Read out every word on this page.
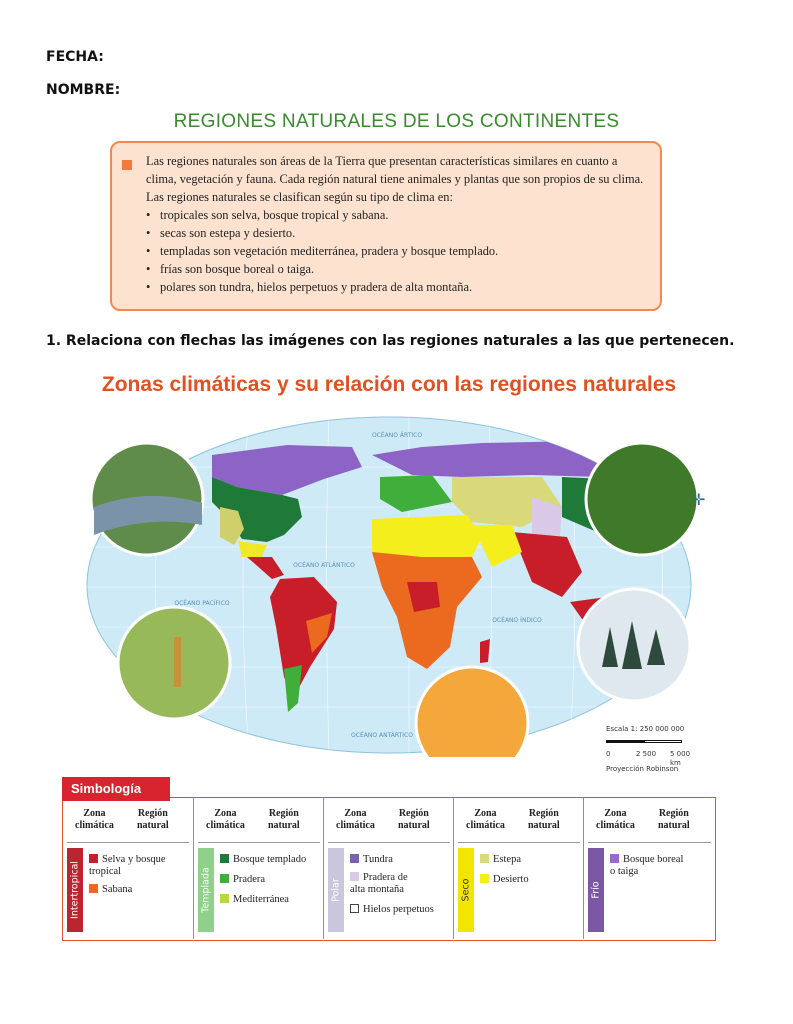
FECHA:
NOMBRE:
REGIONES NATURALES DE LOS CONTINENTES
Las regiones naturales son áreas de la Tierra que presentan características similares en cuanto a clima, vegetación y fauna. Cada región natural tiene animales y plantas que son propios de su clima. Las regiones naturales se clasifican según su tipo de clima en:
• tropicales son selva, bosque tropical y sabana.
• secas son estepa y desierto.
• templadas son vegetación mediterránea, pradera y bosque templado.
• frías son bosque boreal o taiga.
• polares son tundra, hielos perpetuos y pradera de alta montaña.
1. Relaciona con flechas las imágenes con las regiones naturales a las que pertenecen.
Zonas climáticas y su relación con las regiones naturales
✛
OCÉANO ÁRTICO
OCÉANO ATLÁNTICO
OCÉANO PACÍFICO
OCÉANO ÍNDICO
OCÉANO ANTÁRTICO
Escala 1: 250 000 000
0	2 500 5 000 km
Proyección Robinson
Zona
climática
Región
natural
Intertropical
Selva y bosque
tropical
Sabana
Zona
climática
Región
natural
Templada
Bosque templado
Pradera
Mediterránea
Zona
climática
Región
natural
Polar
Tundra
Pradera de
alta montaña
Hielos perpetuos
Zona
climática
Región
natural
Seco
Estepa
Desierto
Zona
climática
Región
natural
Frío
Bosque boreal
o taiga
Simbología
